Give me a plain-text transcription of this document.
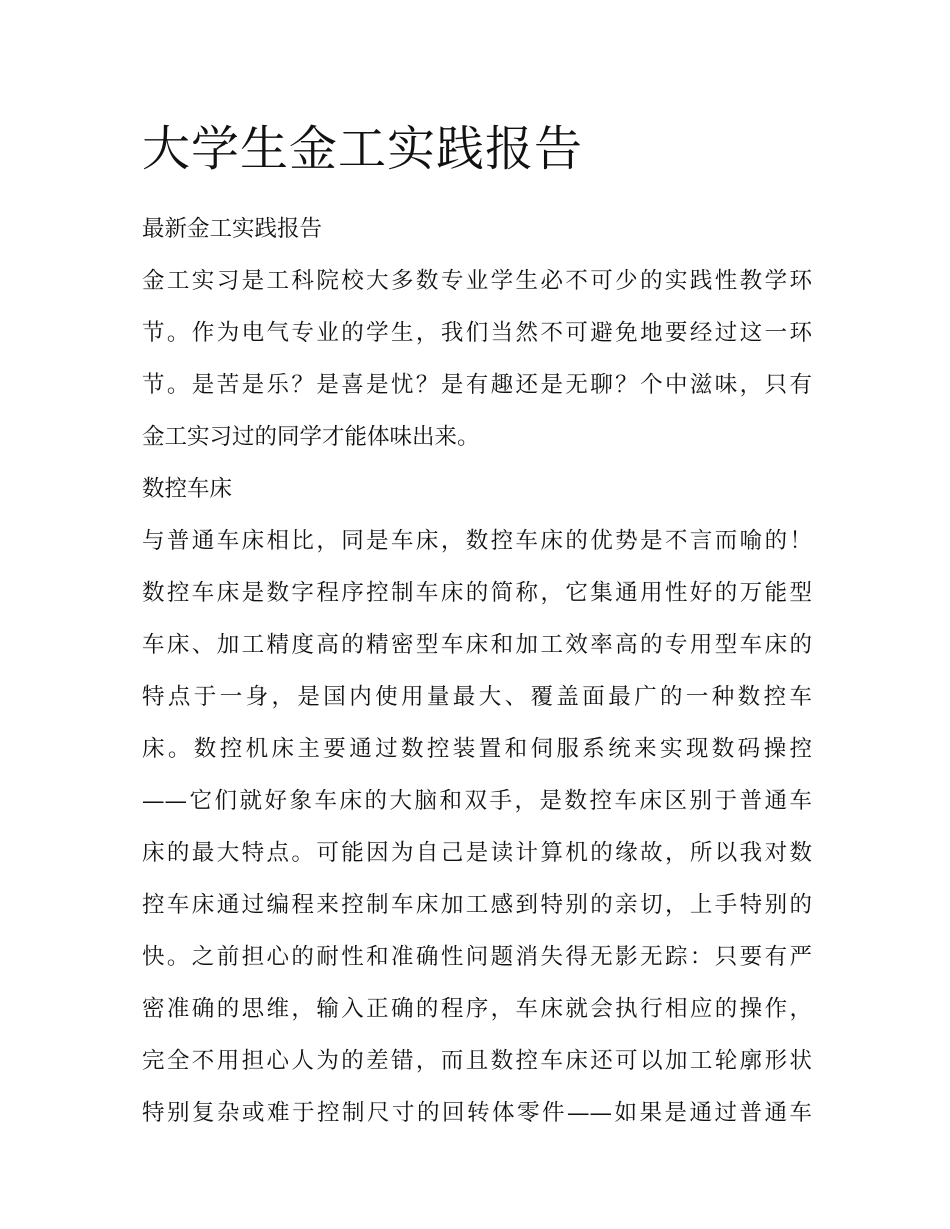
大学生金工实践报告

最新金工实践报告

金工实习是工科院校大多数专业学生必不可少的实践性教学环

节。作为电气专业的学生，我们当然不可避免地要经过这一环

节。是苦是乐？是喜是忧？是有趣还是无聊？个中滋味，只有

金工实习过的同学才能体味出来。

数控车床

与普通车床相比，同是车床，数控车床的优势是不言而喻的！

数控车床是数字程序控制车床的简称，它集通用性好的万能型

车床、加工精度高的精密型车床和加工效率高的专用型车床的

特点于一身，是国内使用量最大、覆盖面最广的一种数控车

床。数控机床主要通过数控装置和伺服系统来实现数码操控

——它们就好象车床的大脑和双手，是数控车床区别于普通车

床的最大特点。可能因为自己是读计算机的缘故，所以我对数

控车床通过编程来控制车床加工感到特别的亲切，上手特别的

快。之前担心的耐性和准确性问题消失得无影无踪：只要有严

密准确的思维，输入正确的程序，车床就会执行相应的操作，

完全不用担心人为的差错，而且数控车床还可以加工轮廓形状

特别复杂或难于控制尺寸的回转体零件——如果是通过普通车
